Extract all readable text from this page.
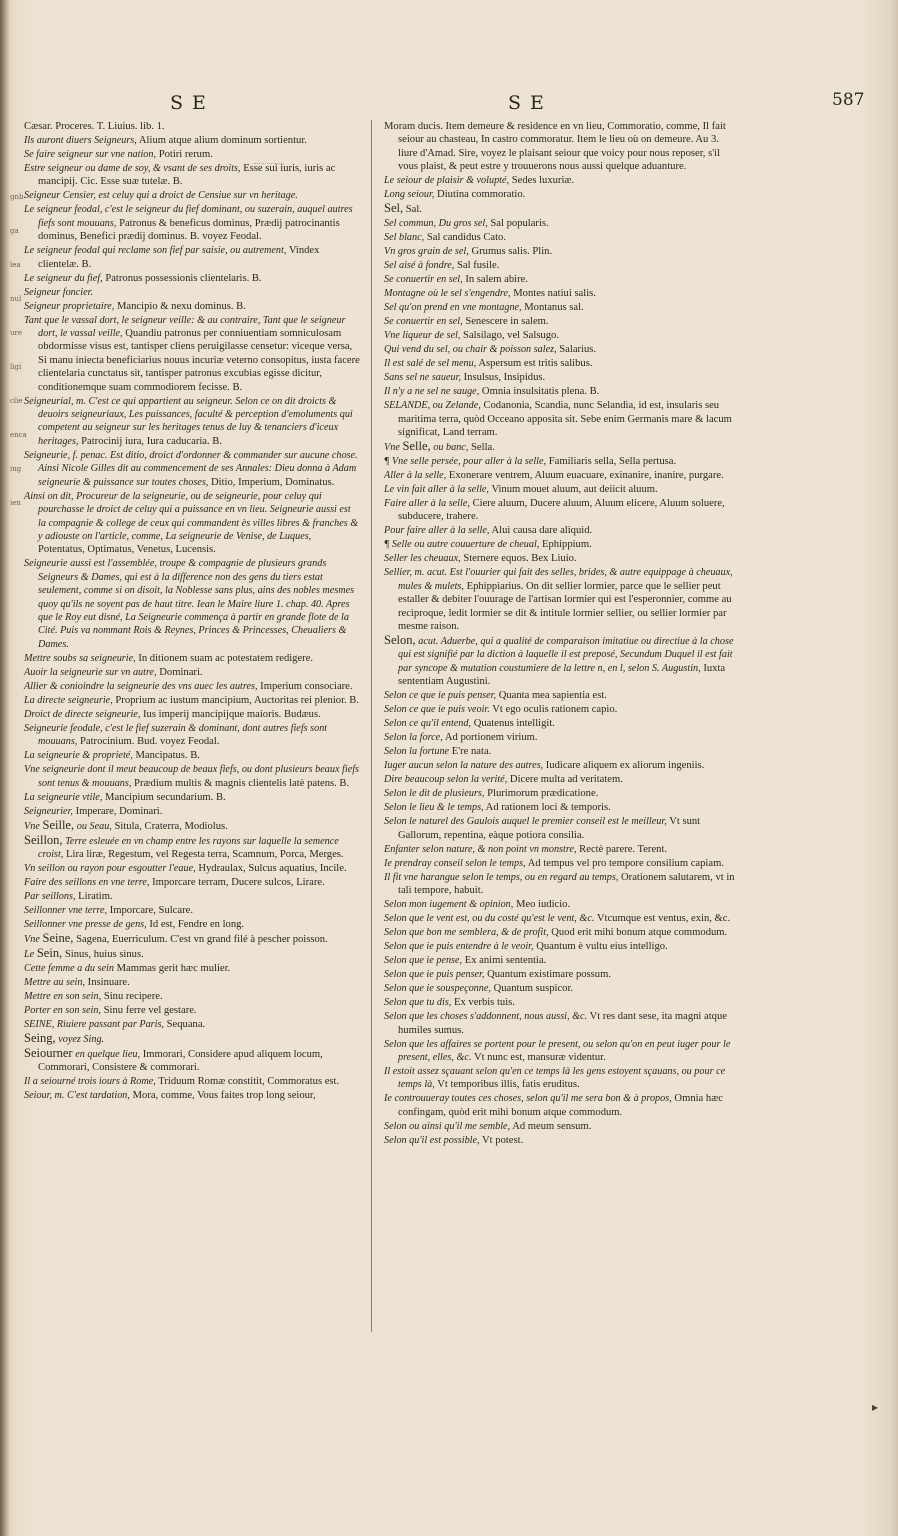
gnb
ga
lea
nul
ure
ligi
clie
enca
ing
ien
SE	SE	587
Cæsar. Proceres. T. Liuius. lib. 1.
Ils auront diuers Seigneurs, Alium atque alium dominum sortientur.
Se faire seigneur sur vne nation, Potiri rerum.
Estre seigneur ou dame de soy, & vsant de ses droits, Esse sui iuris, iuris ac mancipij. Cic. Esse suæ tutelæ. B.
Seigneur Censier, est celuy qui a droict de Censiue sur vn heritage.
Le seigneur feodal, c'est le seigneur du fief dominant, ou suzerain, auquel autres fiefs sont mouuans, Patronus & beneficus dominus, Prædij patrocinantis dominus, Benefici prædij dominus. B. voyez Feodal.
Le seigneur feodal qui reclame son fief par saisie, ou autrement, Vindex clientelæ. B.
Le seigneur du fief, Patronus possessionis clientelaris. B.
Seigneur foncier.
Seigneur proprietaire, Mancipio & nexu dominus. B.
Tant que le vassal dort, le seigneur veille: & au contraire, Tant que le seigneur dort, le vassal veille, Quandiu patronus per conniuentiam somniculosam obdormisse visus est, tantisper cliens peruigilasse censetur: viceque versa, Si manu iniecta beneficiarius nouus incuriæ veterno consopitus, iusta facere clientelaria cunctatus sit, tantisper patronus excubias egisse dicitur, conditionemque suam commodiorem fecisse. B.
Seigneurial, m. C'est ce qui appartient au seigneur. Selon ce on dit droicts & deuoirs seigneuriaux, Les puissances, faculté & perception d'emoluments qui competent au seigneur sur les heritages tenus de luy & tenanciers d'iceux heritages, Patrocinij iura, Iura caducaria. B.
Seigneurie, f. penac. Est ditio, droict d'ordonner & commander sur aucune chose. Ainsi Nicole Gilles dit au commencement de ses Annales: Dieu donna à Adam seigneurie & puissance sur toutes choses, Ditio, Imperium, Dominatus.
Ainsi on dit, Procureur de la seigneurie, ou de seigneurie, pour celuy qui pourchasse le droict de celuy qui a puissance en vn lieu. Seigneurie aussi est la compagnie & college de ceux qui commandent ès villes libres & franches & y adiouste on l'article, comme, La seigneurie de Venise, de Luques, Potentatus, Optimatus, Venetus, Lucensis.
Seigneurie aussi est l'assemblée, troupe & compagnie de plusieurs grands Seigneurs & Dames, qui est à la difference non des gens du tiers estat seulement, comme si on disoit, la Noblesse sans plus, ains des nobles mesmes quoy qu'ils ne soyent pas de haut titre. Iean le Maire liure 1. chap. 40. Apres que le Roy eut disné, La Seigneurie commença à partir en grande flote de la Cité. Puis va nommant Rois & Reynes, Princes & Princesses, Cheualiers & Dames.
Mettre soubs sa seigneurie, In ditionem suam ac potestatem redigere.
Auoir la seigneurie sur vn autre, Dominari.
Allier & conioindre la seigneurie des vns auec les autres, Imperium consociare.
La directe seigneurie, Proprium ac iustum mancipium, Auctoritas rei plenior. B.
Droict de directe seigneurie, Ius imperij mancipijque maioris. Budæus.
Seigneurie feodale, c'est le fief suzerain & dominant, dont autres fiefs sont mouuans, Patrocinium. Bud. voyez Feodal.
La seigneurie & proprieté, Mancipatus. B.
Vne seigneurie dont il meut beaucoup de beaux fiefs, ou dont plusieurs beaux fiefs sont tenus & mouuans, Prædium multis & magnis clientelis latè patens. B.
La seigneurie vtile, Mancipium secundarium. B.
Seigneurier, Imperare, Dominari.
Vne Seille, ou Seau, Situla, Craterra, Modiolus.
Seillon, Terre esleuée en vn champ entre les rayons sur laquelle la semence croist, Lira liræ, Regestum, vel Regesta terra, Scamnum, Porca, Merges.
Vn seillon ou rayon pour esgoutter l'eaue, Hydraulax, Sulcus aquatius, Incile.
Faire des seillons en vne terre, Imporcare terram, Ducere sulcos, Lirare.
Par seillons, Liratim.
Seillonner vne terre, Imporcare, Sulcare.
Seillonner vne presse de gens, Id est, Fendre en long.
Vne Seine, Sagena, Euerriculum. C'est vn grand filé à pescher poisson.
Le Sein, Sinus, huius sinus.
Cette femme a du sein Mammas gerit hæc mulier.
Mettre au sein, Insinuare.
Mettre en son sein, Sinu recipere.
Porter en son sein, Sinu ferre vel gestare.
SEINE, Riuiere passant par Paris, Sequana.
Seing, voyez Sing.
Seiourner en quelque lieu, Immorari, Considere apud aliquem locum, Commorari, Consistere & commorari.
Il a seiourné trois iours à Rome, Triduum Romæ constitit, Commoratus est.
Seiour, m. C'est tardation, Mora, comme, Vous faites trop long seiour,
Moram ducis. Item demeure & residence en vn lieu, Commoratio, comme, Il fait seiour au chasteau, In castro commoratur. Item le lieu où on demeure. Au 3. liure d'Amad. Sire, voyez le plaisant seiour que voicy pour nous reposer, s'il vous plaist, & peut estre y trouuerons nous aussi quelque aduanture.
Le seiour de plaisir & volupté, Sedes luxuriæ.
Long seiour, Diutina commoratio.
Sel, Sal.
Sel commun, Du gros sel, Sal popularis.
Sel blanc, Sal candidus Cato.
Vn gros grain de sel, Grumus salis. Plin.
Sel aisé à fondre, Sal fusile.
Se conuertir en sel, In salem abire.
Montagne où le sel s'engendre, Montes natiui salis.
Sel qu'on prend en vne montagne, Montanus sal.
Se conuertir en sel, Senescere in salem.
Vne liqueur de sel, Salsilago, vel Salsugo.
Qui vend du sel, ou chair & poisson salez, Salarius.
Il est salé de sel menu, Aspersum est tritis salibus.
Sans sel ne saueur, Insulsus, Insipidus.
Il n'y a ne sel ne sauge, Omnia insulsitatis plena. B.
SELANDE, ou Zelande, Codanonia, Scandia, nunc Selandia, id est, insularis seu maritima terra, quòd Occeano apposita sit. Sebe enim Germanis mare & lacum significat, Land terram.
Vne Selle, ou banc, Sella.
¶ Vne selle persée, pour aller à la selle, Familiaris sella, Sella pertusa.
Aller à la selle, Exonerare ventrem, Aluum euacuare, exinanire, inanire, purgare.
Le vin fait aller à la selle, Vinum mouet aluum, aut deiicit aluum.
Faire aller à la selle, Ciere aluum, Ducere aluum, Aluum elicere, Aluum soluere, subducere, trahere.
Pour faire aller à la selle, Alui causa dare aliquid.
¶ Selle ou autre couuerture de cheual, Ephippium.
Seller les cheuaux, Sternere equos. Bex Liuio.
Sellier, m. acut. Est l'ouurier qui fait des selles, brides, & autre equippage à cheuaux, mules & mulets, Ephippiarius. On dit sellier lormier, parce que le sellier peut estaller & debiter l'ouurage de l'artisan lormier qui est l'esperonnier, comme au reciproque, ledit lormier se dit & intitule lormier sellier, ou sellier lormier par mesme raison.
Selon, acut. Aduerbe, qui a qualité de comparaison imitatiue ou directiue à la chose qui est signifié par la diction à laquelle il est preposé, Secundum Duquel il est fait par syncope & mutation coustumiere de la lettre n, en l, selon S. Augustin, Iuxta sententiam Augustini.
Selon ce que ie puis penser, Quanta mea sapientia est.
Selon ce que ie puis veoir. Vt ego oculis rationem capio.
Selon ce qu'il entend, Quatenus intelligit.
Selon la force, Ad portionem virium.
Selon la fortune E're nata.
Iuger aucun selon la nature des autres, Iudicare aliquem ex aliorum ingeniis.
Dire beaucoup selon la verité, Dicere multa ad veritatem.
Selon le dit de plusieurs, Plurimorum prædicatione.
Selon le lieu & le temps, Ad rationem loci & temporis.
Selon le naturel des Gaulois auquel le premier conseil est le meilleur, Vt sunt Gallorum, repentina, eàque potiora consilia.
Enfanter selon nature, & non point vn monstre, Rectè parere. Terent.
Ie prendray conseil selon le temps, Ad tempus vel pro tempore consilium capiam.
Il fit vne harangue selon le temps, ou en regard au temps, Orationem salutarem, vt in tali tempore, habuit.
Selon mon iugement & opinion, Meo iudicio.
Selon que le vent est, ou du costé qu'est le vent, &c. Vtcumque est ventus, exin, &c.
Selon que bon me semblera, & de profit, Quod erit mihi bonum atque commodum.
Selon que ie puis entendre à le veoir, Quantum è vultu eius intelligo.
Selon que ie pense, Ex animi sententia.
Selon que ie puis penser, Quantum existimare possum.
Selon que ie souspeçonne, Quantum suspicor.
Selon que tu dis, Ex verbis tuis.
Selon que les choses s'addonnent, nous aussi, &c. Vt res dant sese, ita magni atque humiles sumus.
Selon que les affaires se portent pour le present, ou selon qu'on en peut iuger pour le present, elles, &c. Vt nunc est, mansuræ videntur.
Il estoit assez sçauant selon qu'en ce temps là les gens estoyent sçauans, ou pour ce temps là, Vt temporibus illis, fatis eruditus.
Ie controuueray toutes ces choses, selon qu'il me sera bon & à propos, Omnia hæc confingam, quòd erit mihi bonum atque commodum.
Selon ou ainsi qu'il me semble, Ad meum sensum.
Selon qu'il est possible, Vt potest.
▸
